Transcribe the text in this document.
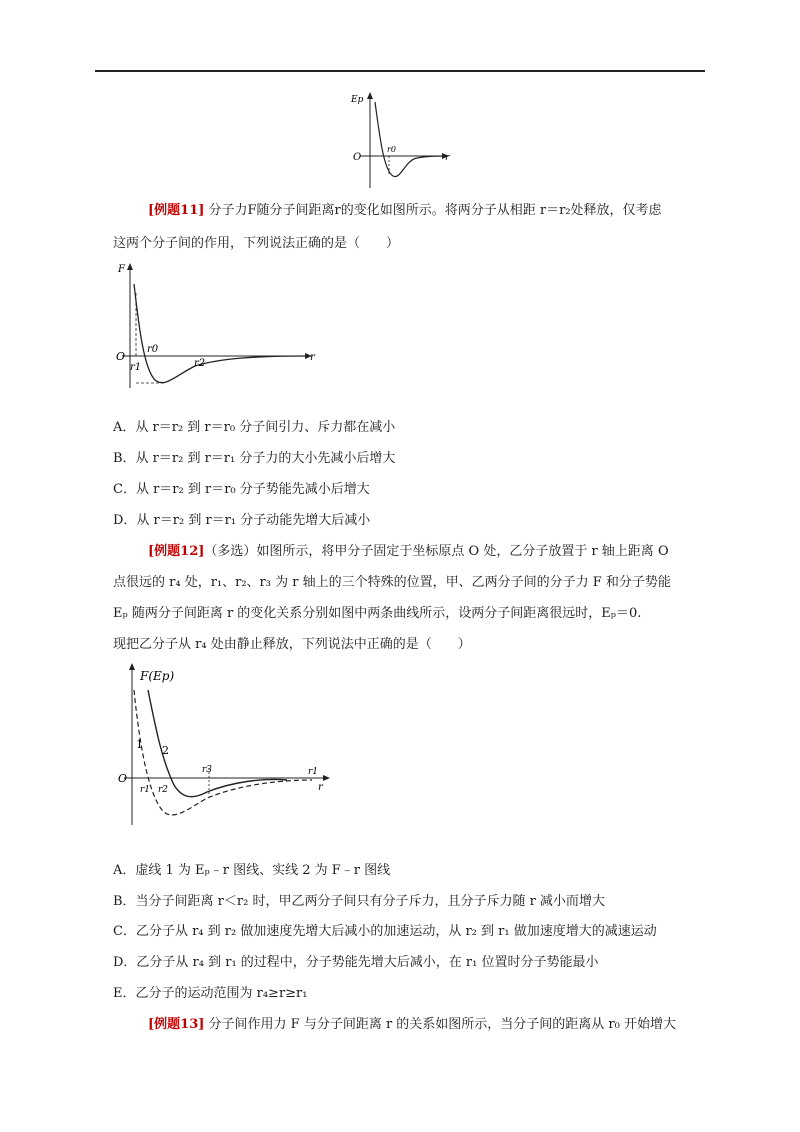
Ep
O
r0
r
[例题11] 分子力F随分子间距离r的变化如图所示。将两分子从相距 r＝r₂处释放，仅考虑
这两个分子间的作用，下列说法正确的是（　　）
F
O
r0
r1	r2
r
A．从 r＝r₂ 到 r＝r₀ 分子间引力、斥力都在减小
B．从 r＝r₂ 到 r＝r₁ 分子力的大小先减小后增大
C．从 r＝r₂ 到 r＝r₀ 分子势能先减小后增大
D．从 r＝r₂ 到 r＝r₁ 分子动能先增大后减小
[例题12]（多选）如图所示，将甲分子固定于坐标原点 O 处，乙分子放置于 r 轴上距离 O
点很远的 r₄ 处，r₁、r₂、r₃ 为 r 轴上的三个特殊的位置，甲、乙两分子间的分子力 F 和分子势能
Eₚ 随两分子间距离 r 的变化关系分别如图中两条曲线所示，设两分子间距离很远时，Eₚ＝0.
现把乙分子从 r₄ 处由静止释放，下列说法中正确的是（　　）
F(Ep)
1 2
O
r1 r2
r3	r1
r
A．虚线 1 为 Eₚ﹣r 图线、实线 2 为 F﹣r 图线
B．当分子间距离 r＜r₂ 时，甲乙两分子间只有分子斥力，且分子斥力随 r 减小而增大
C．乙分子从 r₄ 到 r₂ 做加速度先增大后减小的加速运动，从 r₂ 到 r₁ 做加速度增大的减速运动
D．乙分子从 r₄ 到 r₁ 的过程中，分子势能先增大后减小，在 r₁ 位置时分子势能最小
E．乙分子的运动范围为 r₄≥r≥r₁
[例题13] 分子间作用力 F 与分子间距离 r 的关系如图所示，当分子间的距离从 r₀ 开始增大
